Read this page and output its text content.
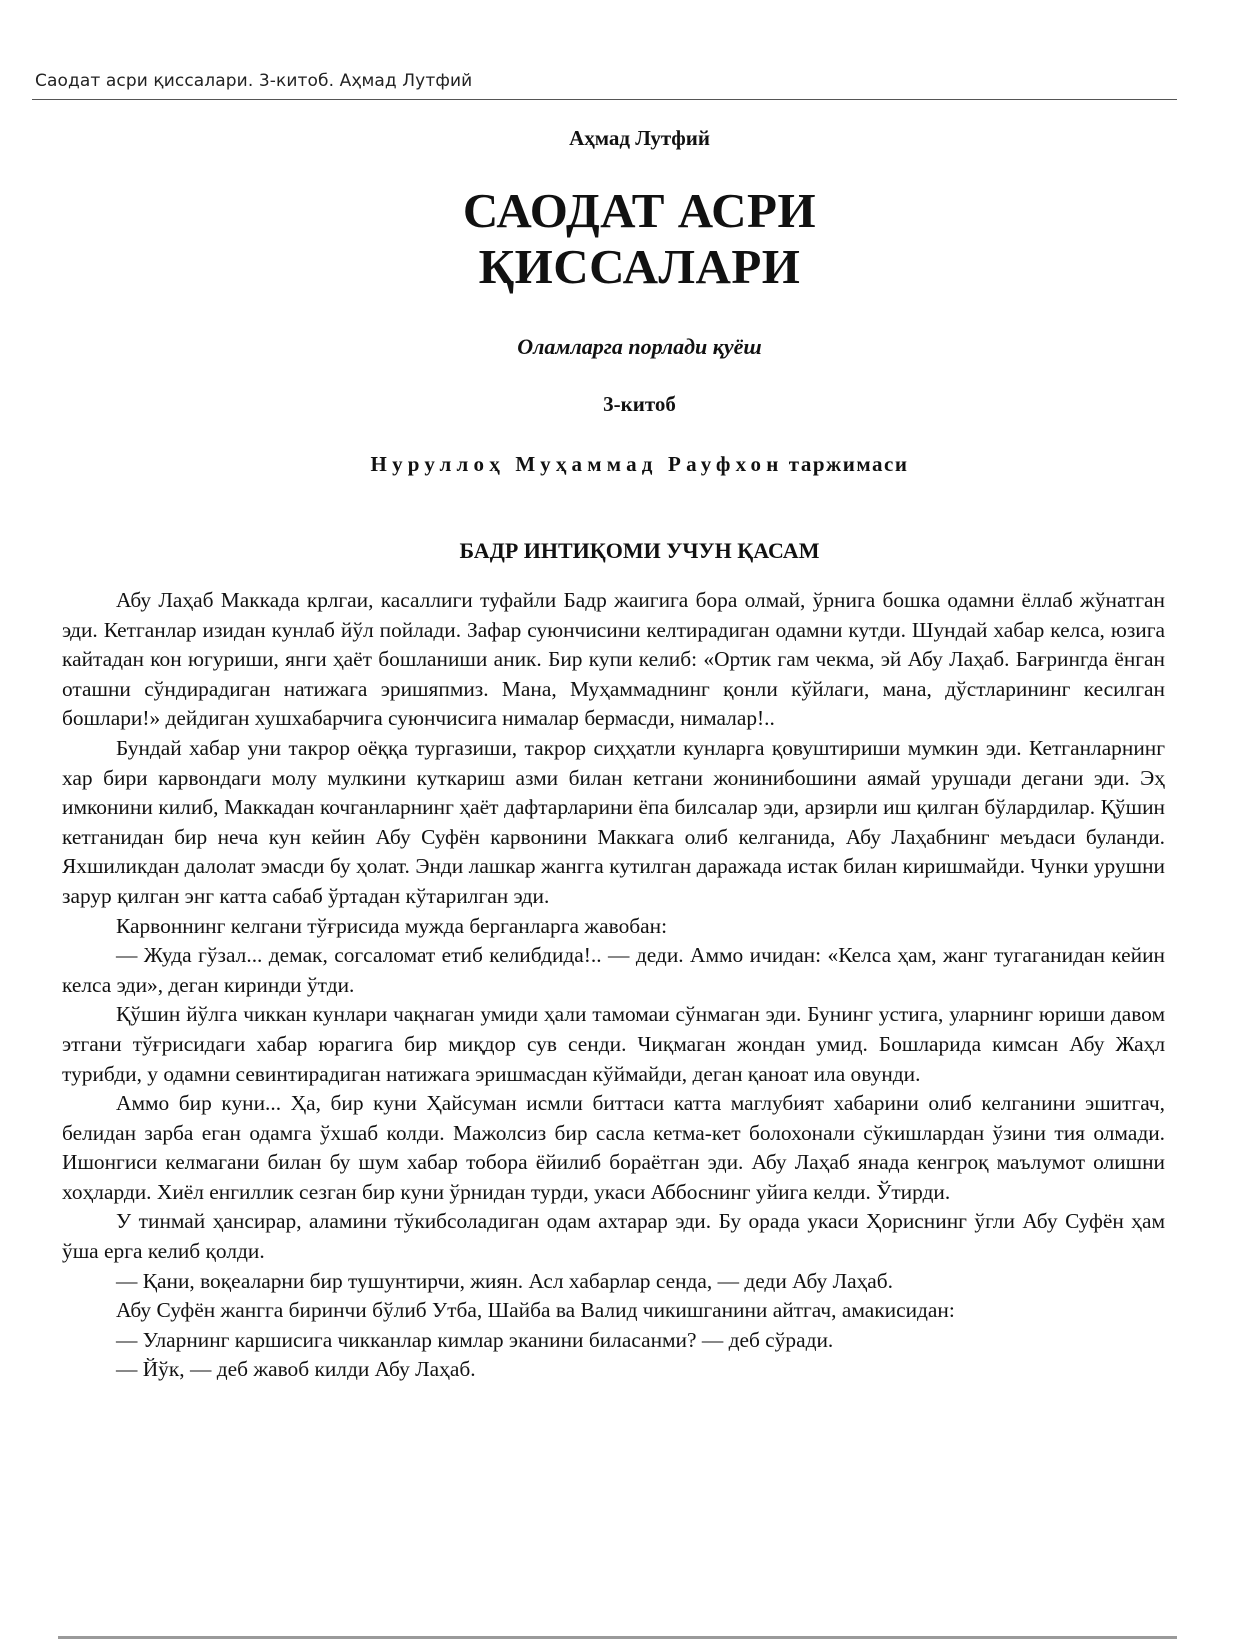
Саодат асри қиссалари. 3-китоб. Аҳмад Лутфий
Аҳмад Лутфий
САОДАТ АСРИ
ҚИССАЛАРИ
Оламларга порлади қуёш
3-китоб
Нуруллоҳ Муҳаммад Рауфхон таржимаси
БАДР ИНТИҚОМИ УЧУН ҚАСАМ

Абу Лаҳаб Маккада крлгаи, касаллиги туфайли Бадр жаигига бора олмай, ўрнига бошка одамни ёллаб жўнатган эди. Кетганлар изидан кунлаб йўл пойлади. Зафар суюнчисини келтирадиган одамни кутди. Шундай хабар келса, юзига кайтадан кон югуриши, янги ҳаёт бошланиши аник. Бир купи келиб: «Ортик гам чекма, эй Абу Лаҳаб. Бағрингда ёнган оташни сўндирадиган натижага эришяпмиз. Мана, Муҳаммаднинг қонли кўйлаги, мана, дўстларининг кесилган бошлари!» дейдиган хушхабарчига суюнчисига нималар бермасди, нималар!..

Бундай хабар уни такрор оёққа тургазиши, такрор сиҳҳатли кунларга қовуштириши мумкин эди. Кетганларнинг хар бири карвондаги молу мулкини куткариш азми билан кетгани жонинибошини аямай урушади дегани эди. Эҳ имконини килиб, Маккадан кочганларнинг ҳаёт дафтарларини ёпа билсалар эди, арзирли иш қилган бўлардилар. Қўшин кетганидан бир неча кун кейин Абу Суфён карвонини Маккага олиб келганида, Абу Лаҳабнинг меъдаси буланди. Яхшиликдан далолат эмасди бу ҳолат. Энди лашкар жангга кутилган даражада истак билан киришмайди. Чунки урушни зарур қилган энг катта сабаб ўртадан кўтарилган эди.

Карвоннинг келгани тўғрисида мужда берганларга жавобан:

— Жуда гўзал... демак, согсаломат етиб келибдида!.. — деди. Аммо ичидан: «Келса ҳам, жанг тугаганидан кейин келса эди», деган киринди ўтди.

Қўшин йўлга чиккан кунлари чақнаган умиди ҳали тамомаи сўнмаган эди. Бунинг устига, уларнинг юриши давом этгани тўғрисидаги хабар юрагига бир миқдор сув сенди. Чиқмаган жондан умид. Бошларида кимсан Абу Жаҳл турибди, у одамни севинтирадиган натижага эришмасдан кўймайди, деган қаноат ила овунди.

Аммо бир куни... Ҳа, бир куни Ҳайсуман исмли биттаси катта маглубият хабарини олиб келганини эшитгач, белидан зарба еган одамга ўхшаб колди. Мажолсиз бир сасла кетма-кет болохонали сўкишлардан ўзини тия олмади. Ишонгиси келмагани билан бу шум хабар тобора ёйилиб бораётган эди. Абу Лаҳаб янада кенгроқ маълумот олишни хоҳларди. Хиёл енгиллик сезган бир куни ўрнидан турди, укаси Аббоснинг уйига келди. Ўтирди.

У тинмай ҳансирар, аламини тўкибсоладиган одам ахтарар эди. Бу орада укаси Ҳориснинг ўгли Абу Суфён ҳам ўша ерга келиб қолди.

— Қани, воқеаларни бир тушунтирчи, жиян. Асл хабарлар сенда, — деди Абу Лаҳаб.

Абу Суфён жангга биринчи бўлиб Утба, Шайба ва Валид чикишганини айтгач, амакисидан:

— Уларнинг каршисига чикканлар кимлар эканини биласанми? — деб сўради.

— Йўк, — деб жавоб килди Абу Лаҳаб.
